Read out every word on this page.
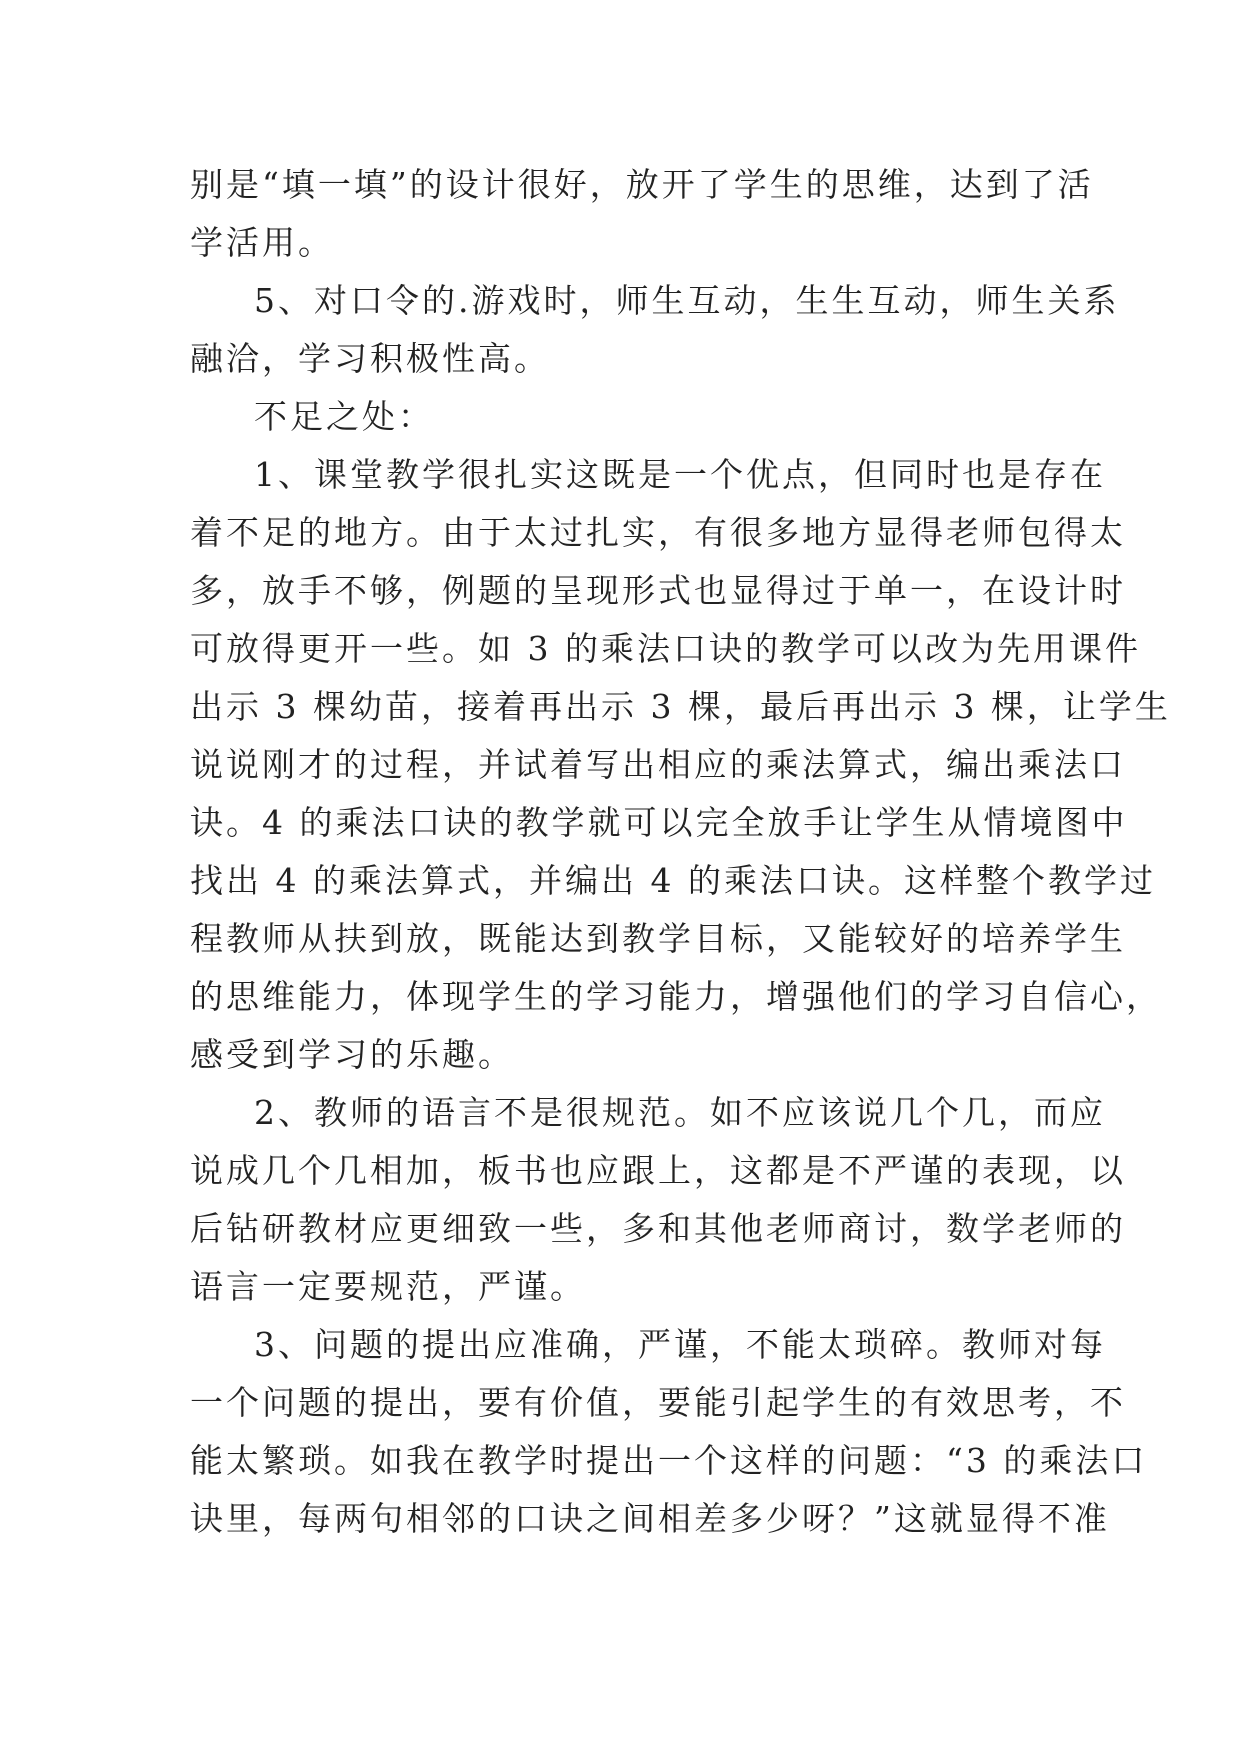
别是“填一填”的设计很好，放开了学生的思维，达到了活
学活用。
5、对口令的.游戏时，师生互动，生生互动，师生关系
融洽，学习积极性高。
不足之处：
1、课堂教学很扎实这既是一个优点，但同时也是存在
着不足的地方。由于太过扎实，有很多地方显得老师包得太
多，放手不够，例题的呈现形式也显得过于单一，在设计时
可放得更开一些。如 3 的乘法口诀的教学可以改为先用课件
出示 3 棵幼苗，接着再出示 3 棵，最后再出示 3 棵，让学生
说说刚才的过程，并试着写出相应的乘法算式，编出乘法口
诀。4 的乘法口诀的教学就可以完全放手让学生从情境图中
找出 4 的乘法算式，并编出 4 的乘法口诀。这样整个教学过
程教师从扶到放，既能达到教学目标，又能较好的培养学生
的思维能力，体现学生的学习能力，增强他们的学习自信心，
感受到学习的乐趣。
2、教师的语言不是很规范。如不应该说几个几，而应
说成几个几相加，板书也应跟上，这都是不严谨的表现，以
后钻研教材应更细致一些，多和其他老师商讨，数学老师的
语言一定要规范，严谨。
3、问题的提出应准确，严谨，不能太琐碎。教师对每
一个问题的提出，要有价值，要能引起学生的有效思考，不
能太繁琐。如我在教学时提出一个这样的问题：“3 的乘法口
诀里，每两句相邻的口诀之间相差多少呀？”这就显得不准
